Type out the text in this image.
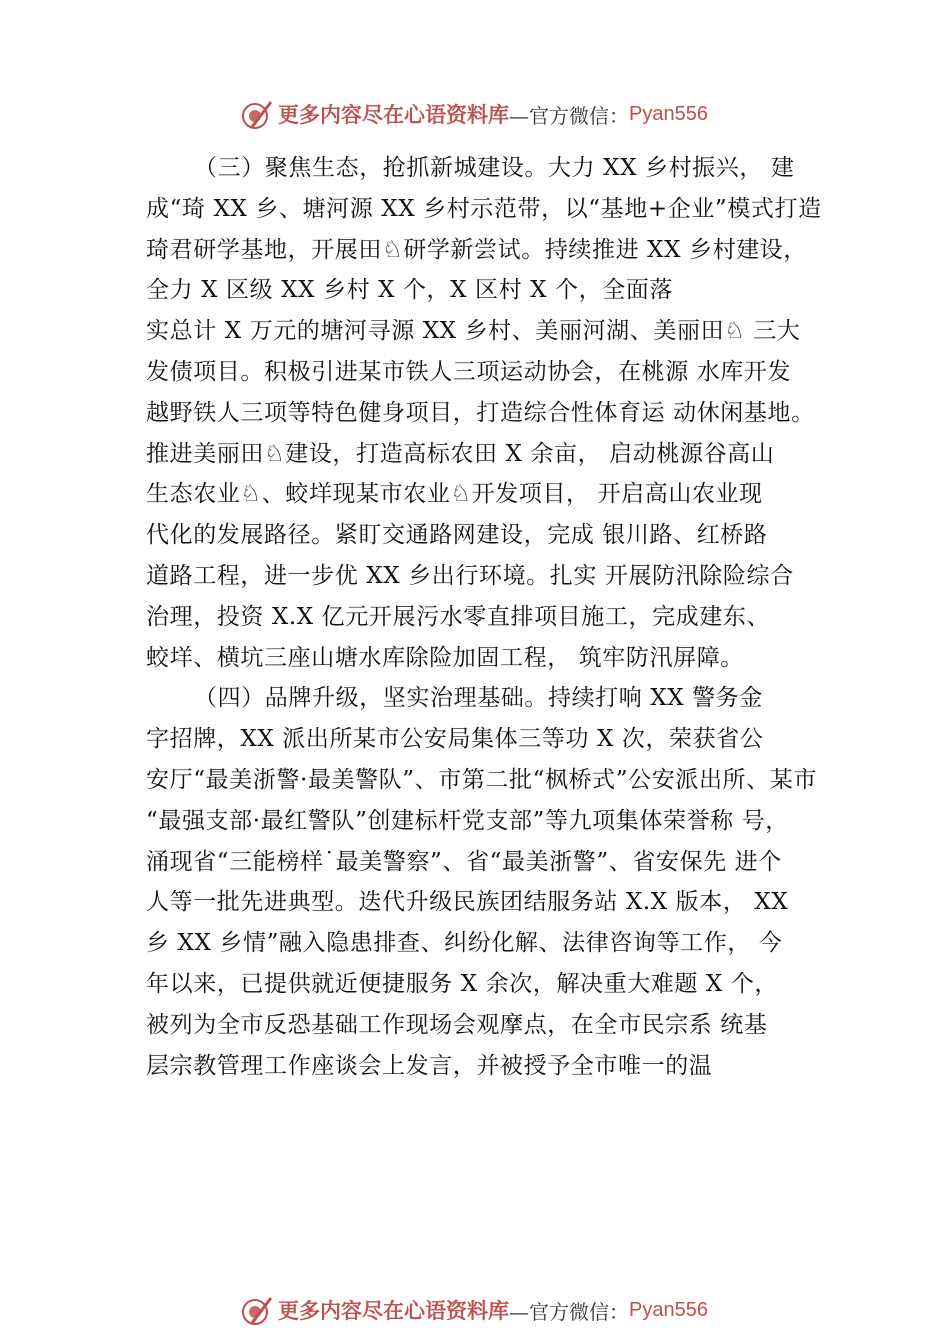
更多内容尽在心语资料库 —官方微信： Pyan556
（三）聚焦生态，抢抓新城建设。大力 XX 乡村振兴， 建
成“琦 XX 乡、塘河源 XX 乡村示范带，以“基地+企业”模式打造
琦君研学基地，开展田♘研学新尝试。持续推进 XX 乡村建设，
全力 X 区级 XX 乡村 X 个，X 区村 X 个，全面落
实总计 X 万元的塘河寻源 XX 乡村、美丽河湖、美丽田♘ 三大
发债项目。积极引进某市铁人三项运动协会，在桃源 水库开发
越野铁人三项等特色健身项目，打造综合性体育运 动休闲基地。
推进美丽田♘建设，打造高标农田 X 余亩， 启动桃源谷高山
生态农业♘、蛟垟现某市农业♘开发项目， 开启高山农业现
代化的发展路径。紧盯交通路网建设，完成 银川路、红桥路
道路工程，进一步优 XX 乡出行环境。扎实 开展防汛除险综合
治理，投资 X.X 亿元开展污水零直排项目施工，完成建东、
蛟垟、横坑三座山塘水库除险加固工程， 筑牢防汛屏障。
（四）品牌升级，坚实治理基础。持续打响 XX 警务金
字招牌，XX 派出所某市公安局集体三等功 X 次，荣获省公
安厅“最美浙警·最美警队”、市第二批“枫桥式”公安派出所、某市
“最强支部·最红警队”创建标杆党支部”等九项集体荣誉称 号，
涌现省“三能榜样˙最美警察”、省“最美浙警”、省安保先 进个
人等一批先进典型。迭代升级民族团结服务站 X.X 版本， XX
乡 XX 乡情”融入隐患排查、纠纷化解、法律咨询等工作， 今
年以来，已提供就近便捷服务 X 余次，解决重大难题 X 个，
被列为全市反恐基础工作现场会观摩点，在全市民宗系 统基
层宗教管理工作座谈会上发言，并被授予全市唯一的温
更多内容尽在心语资料库 —官方微信： Pyan556
